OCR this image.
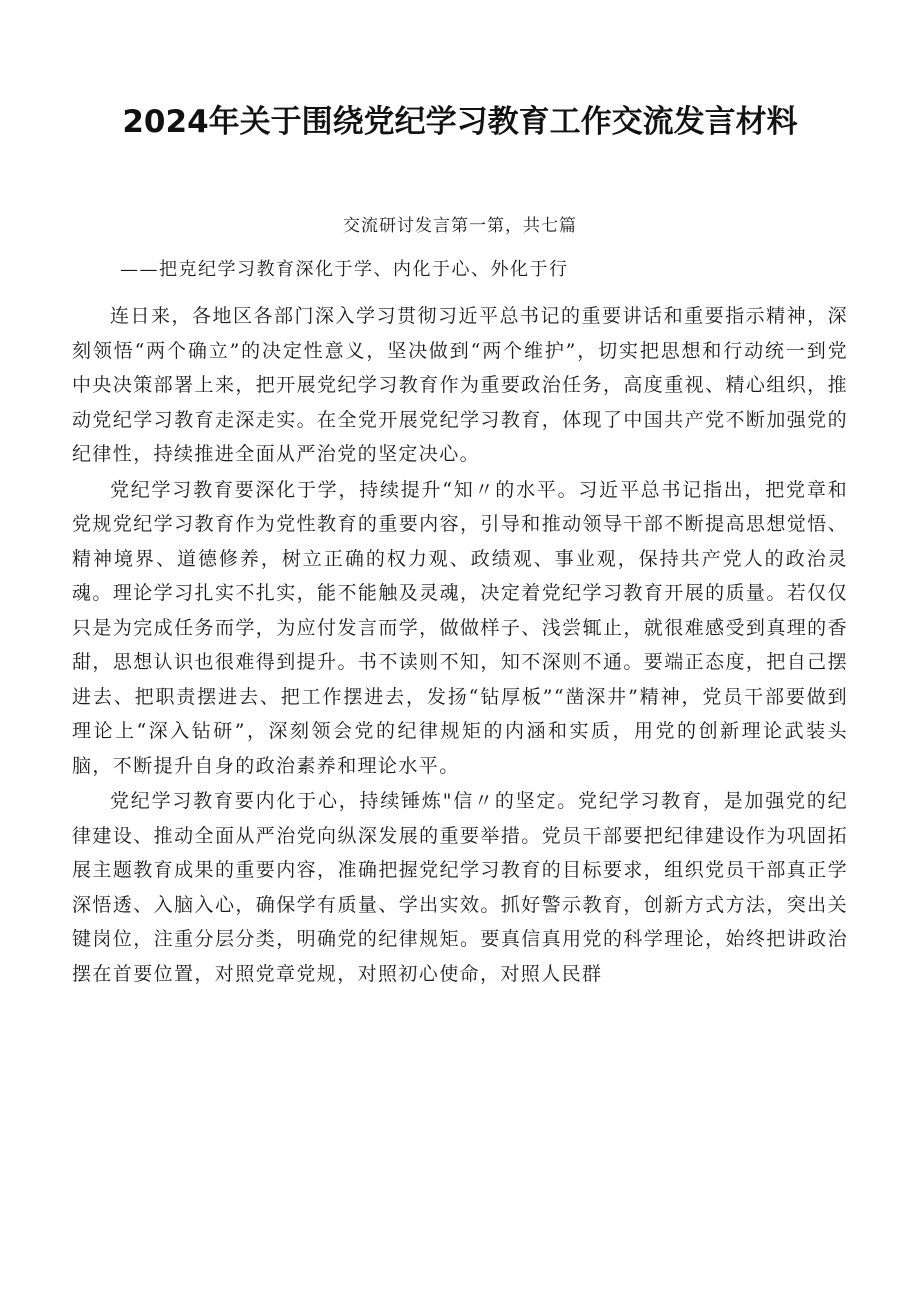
2024年关于围绕党纪学习教育工作交流发言材料

交流研讨发言第一第，共七篇

——把克纪学习教育深化于学、内化于心、外化于行

连日来，各地区各部门深入学习贯彻习近平总书记的重要讲话和重要指示精神，深刻领悟“两个确立”的决定性意义，坚决做到“两个维护”，切实把思想和行动统一到党中央决策部署上来，把开展党纪学习教育作为重要政治任务，高度重视、精心组织，推动党纪学习教育走深走实。在全党开展党纪学习教育，体现了中国共产党不断加强党的纪律性，持续推进全面从严治党的坚定决心。

党纪学习教育要深化于学，持续提升“知〃的水平。习近平总书记指出，把党章和党规党纪学习教育作为党性教育的重要内容，引导和推动领导干部不断提高思想觉悟、精神境界、道德修养，树立正确的权力观、政绩观、事业观，保持共产党人的政治灵魂。理论学习扎实不扎实，能不能触及灵魂，决定着党纪学习教育开展的质量。若仅仅只是为完成任务而学，为应付发言而学，做做样子、浅尝辄止，就很难感受到真理的香甜，思想认识也很难得到提升。书不读则不知，知不深则不通。要端正态度，把自己摆进去、把职责摆进去、把工作摆进去，发扬“钻厚板”“凿深井”精神，党员干部要做到理论上“深入钻研”，深刻领会党的纪律规矩的内涵和实质，用党的创新理论武装头脑，不断提升自身的政治素养和理论水平。

党纪学习教育要内化于心，持续锤炼"信〃的坚定。党纪学习教育，是加强党的纪律建设、推动全面从严治党向纵深发展的重要举措。党员干部要把纪律建设作为巩固拓展主题教育成果的重要内容，准确把握党纪学习教育的目标要求，组织党员干部真正学深悟透、入脑入心，确保学有质量、学出实效。抓好警示教育，创新方式方法，突出关键岗位，注重分层分类，明确党的纪律规矩。要真信真用党的科学理论，始终把讲政治摆在首要位置，对照党章党规，对照初心使命，对照人民群
